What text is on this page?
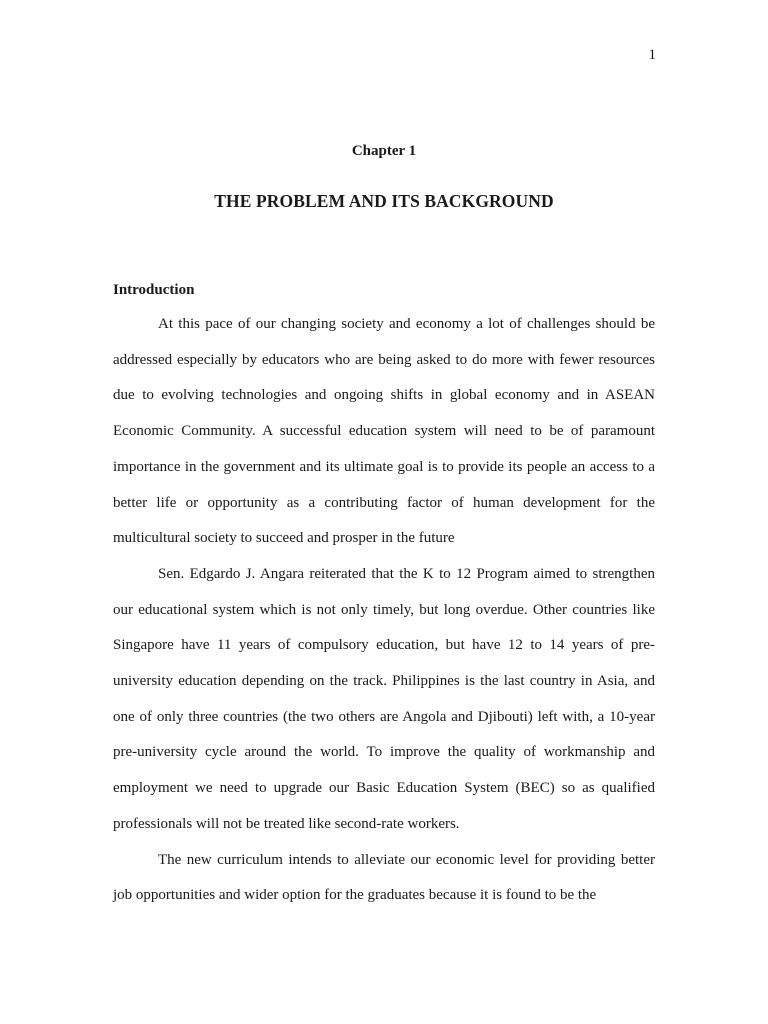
1
Chapter 1
THE PROBLEM AND ITS BACKGROUND
Introduction

At this pace of our changing society and economy a lot of challenges should be addressed especially by educators who are being asked to do more with fewer resources due to evolving technologies and ongoing shifts in global economy and in ASEAN Economic Community. A successful education system will need to be of paramount importance in the government and its ultimate goal is to provide its people an access to a better life or opportunity as a contributing factor of human development for the multicultural society to succeed and prosper in the future

Sen. Edgardo J. Angara reiterated that the K to 12 Program aimed to strengthen our educational system which is not only timely, but long overdue. Other countries like Singapore have 11 years of compulsory education, but have 12 to 14 years of pre-university education depending on the track. Philippines is the last country in Asia, and one of only three countries (the two others are Angola and Djibouti) left with, a 10-year pre-university cycle around the world. To improve the quality of workmanship and employment we need to upgrade our Basic Education System (BEC) so as qualified professionals will not be treated like second-rate workers.

The new curriculum intends to alleviate our economic level for providing better job opportunities and wider option for the graduates because it is found to be the
